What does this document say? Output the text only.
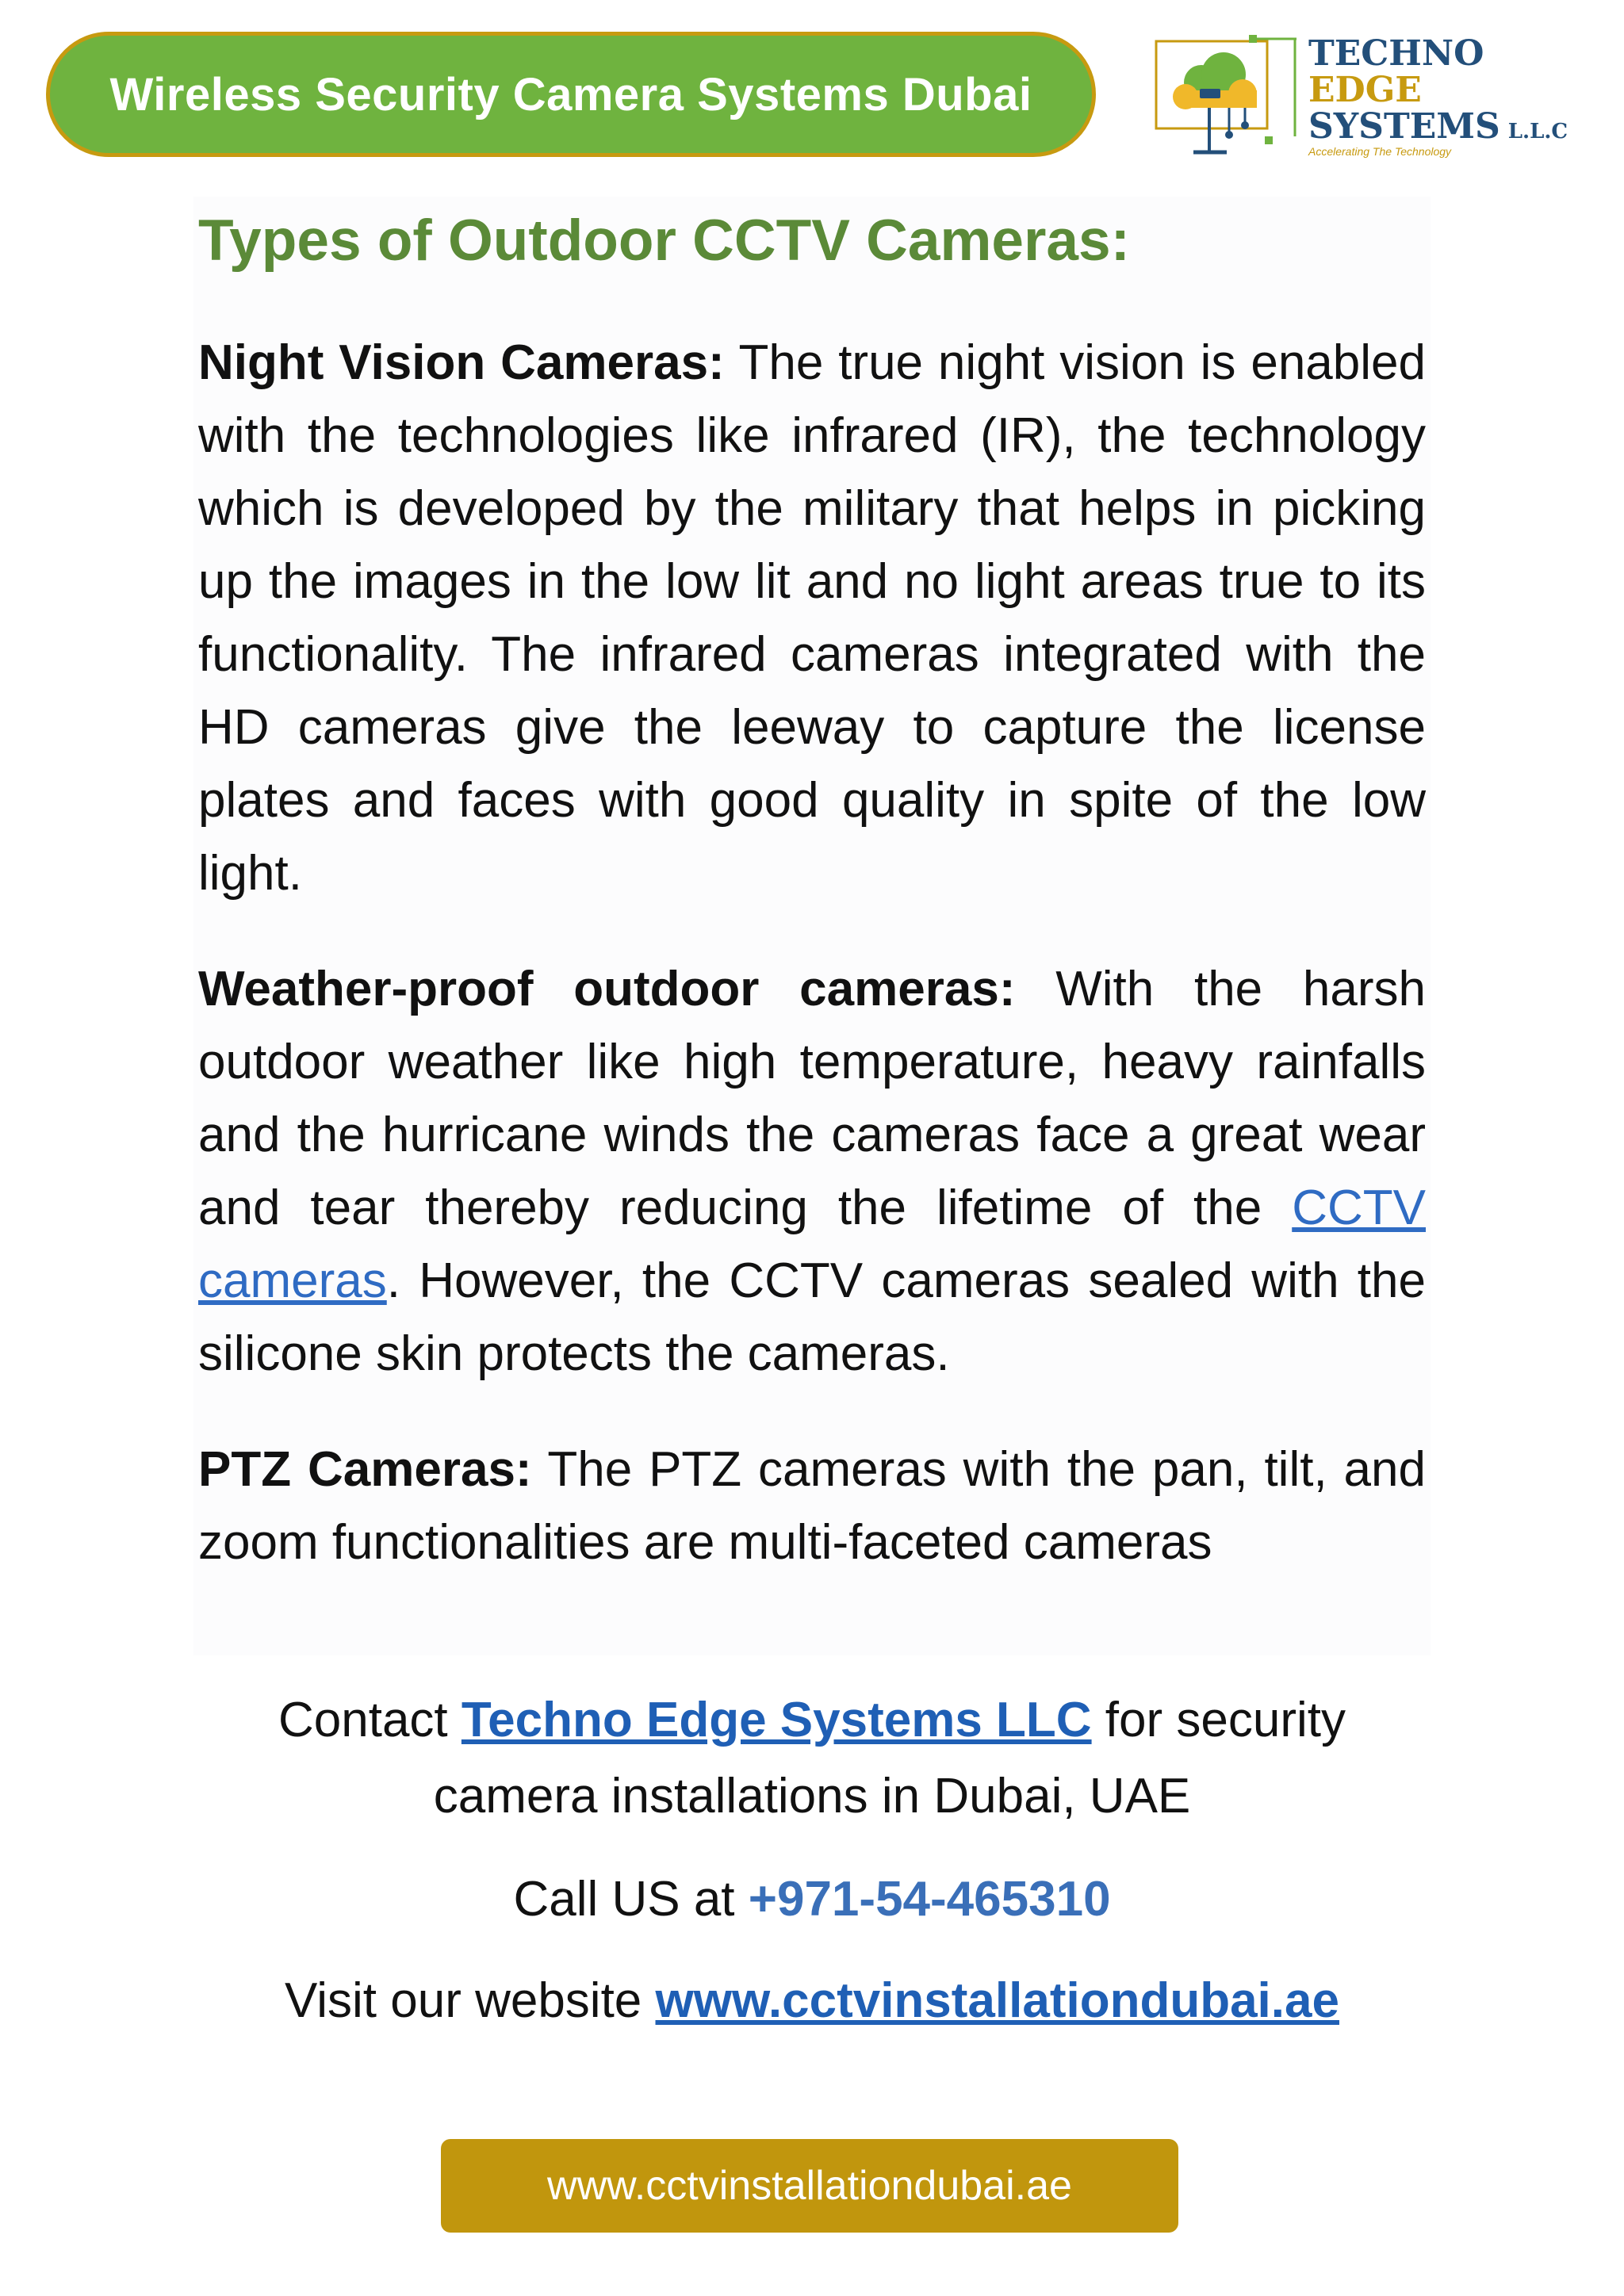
Wireless Security Camera Systems Dubai
TECHNO
EDGE
SYSTEMS L.L.C
Accelerating The Technology
Types of Outdoor CCTV Cameras:

Night Vision Cameras: The true night vision is enabled with the technologies like infrared (IR), the technology which is developed by the military that helps in picking up the images in the low lit and no light areas true to its functionality. The infrared cameras integrated with the HD cameras give the leeway to capture the license plates and faces with good quality in spite of the low light.

Weather-proof outdoor cameras: With the harsh outdoor weather like high temperature, heavy rainfalls and the hurricane winds the cameras face a great wear and tear thereby reducing the lifetime of the CCTV cameras. However, the CCTV cameras sealed with the silicone skin protects the cameras.

PTZ Cameras: The PTZ cameras with the pan, tilt, and zoom functionalities are multi-faceted cameras

Contact Techno Edge Systems LLC for security camera installations in Dubai, UAE

Call US at +971-54-465310

Visit our website www.cctvinstallationdubai.ae

www.cctvinstallationdubai.ae
